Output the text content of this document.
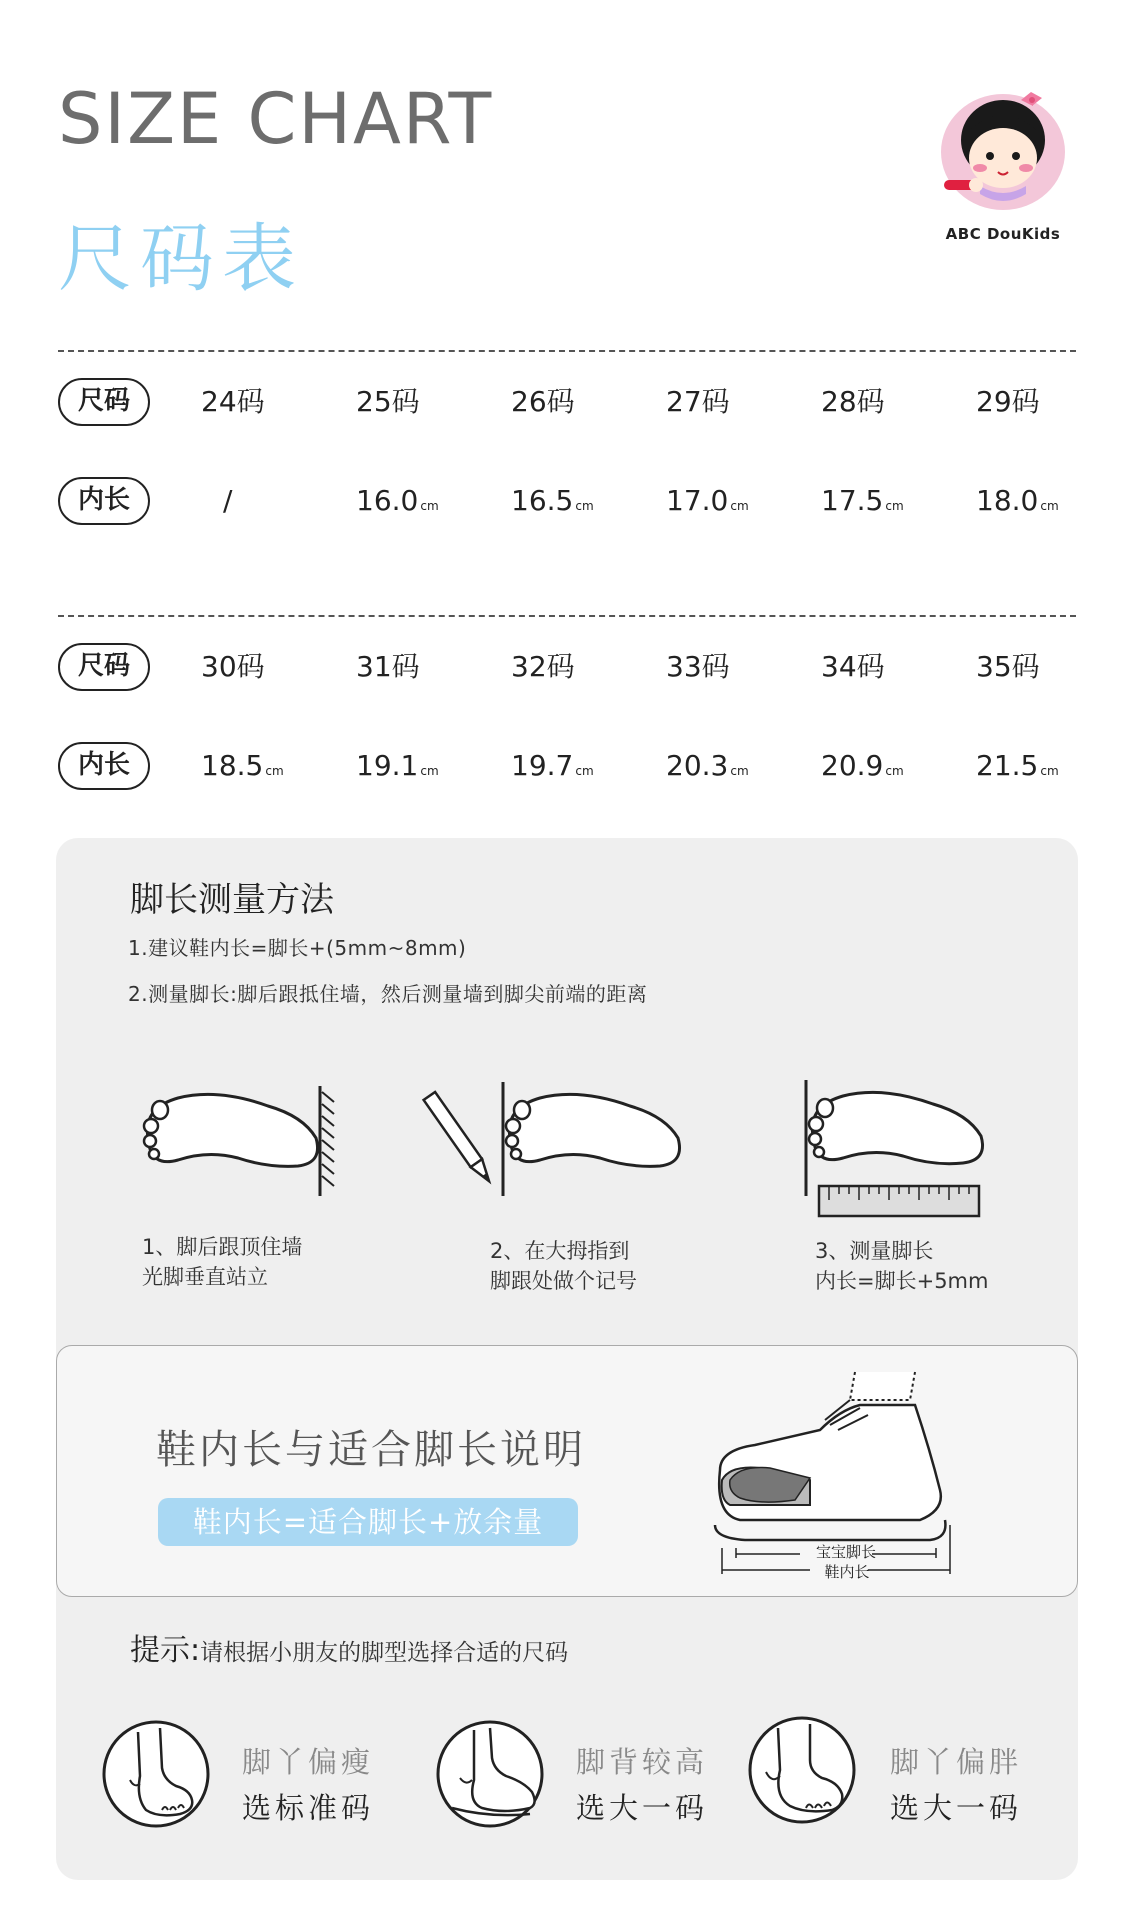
SIZE CHART
尺码表	ABC DouKids
尺码	24码	25码	26码	27码	28码	29码
内长	/	16.0 cm	16.5 cm	17.0 cm	17.5 cm	18.0 cm
尺码	30码	31码	32码	33码	34码	35码
内长	18.5 cm	19.1 cm	19.7 cm	20.3 cm	20.9 cm	21.5 cm
脚长测量方法
1.建议鞋内长=脚长+(5mm~8mm)
2.测量脚长:脚后跟抵住墙，然后测量墙到脚尖前端的距离
1、脚后跟顶住墙
光脚垂直站立
2、在大拇指到
脚跟处做个记号
3、测量脚长
内长=脚长+5mm
鞋内长与适合脚长说明
鞋内长=适合脚长+放余量
宝宝脚长
鞋内长
提示:请根据小朋友的脚型选择合适的尺码
脚丫偏瘦
选标准码
脚背较高
选大一码
脚丫偏胖
选大一码
